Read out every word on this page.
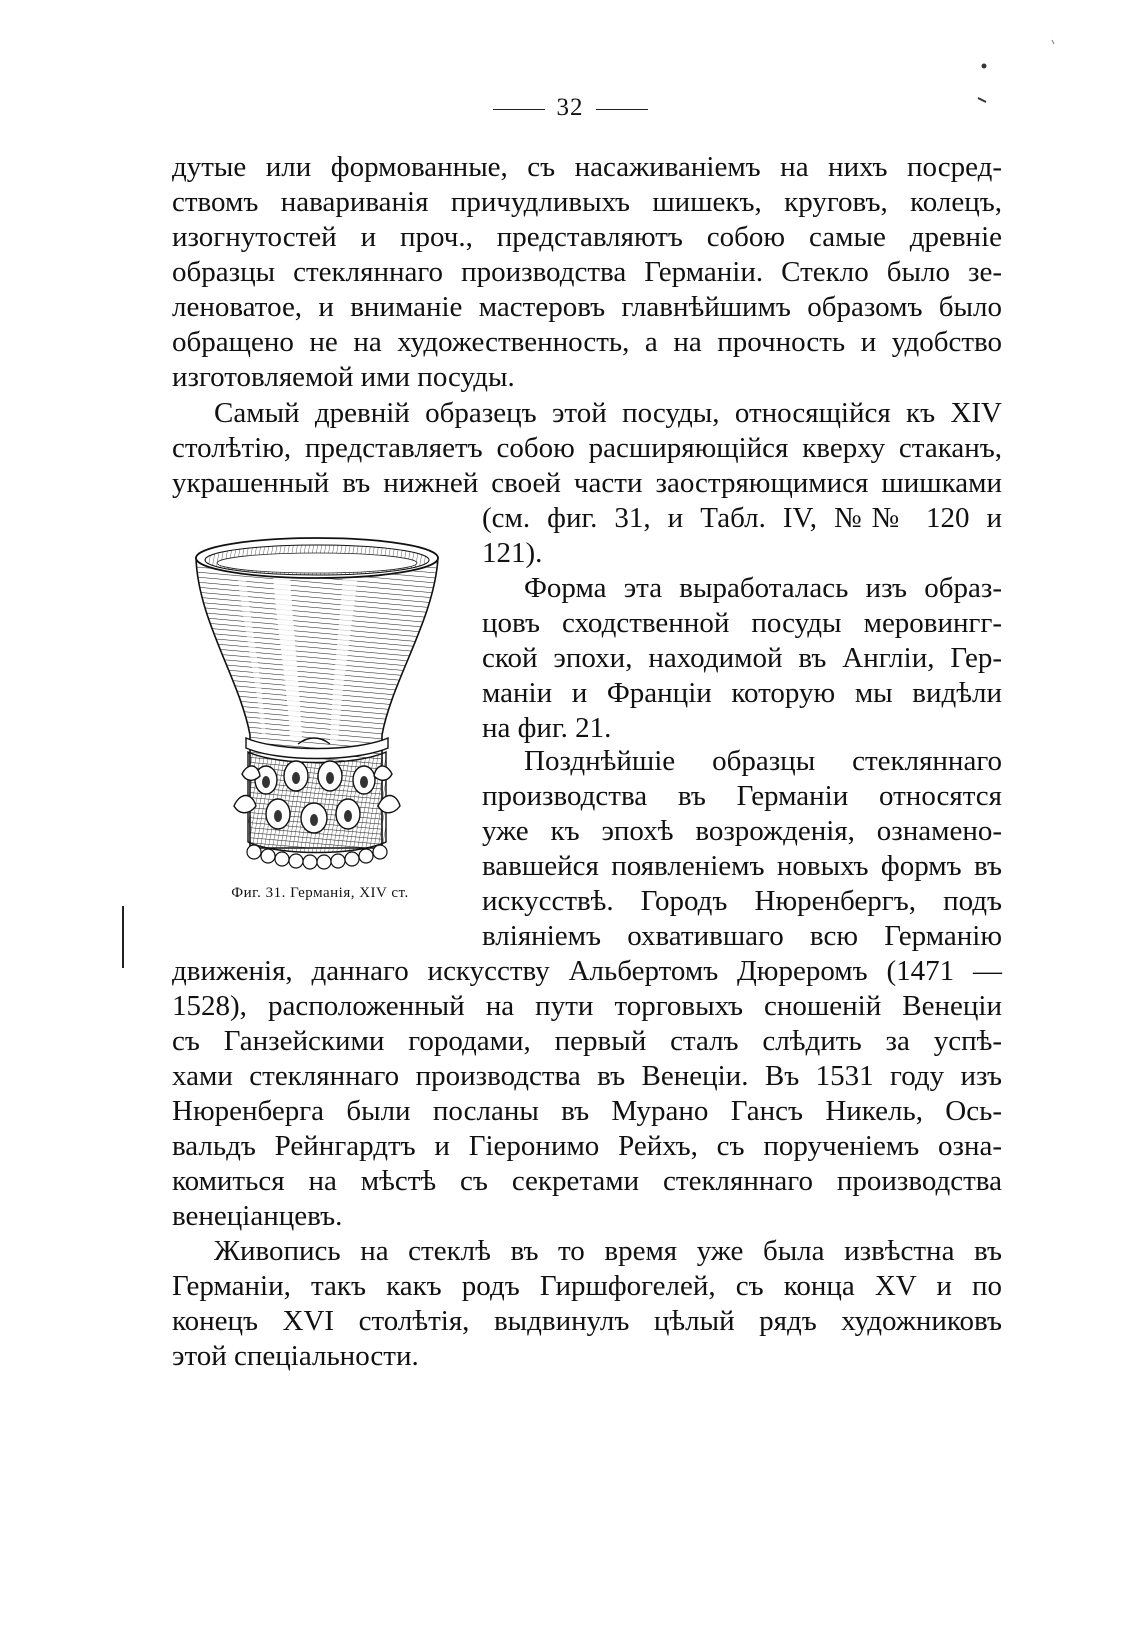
32
дутые или формованные, съ насаживаніемъ на нихъ посред-
ствомъ навариванія причудливыхъ шишекъ, круговъ, колецъ,
изогнутостей и проч., представляютъ собою самые древніе
образцы стекляннаго производства Германіи. Стекло было зе-
леноватое, и вниманіе мастеровъ главнѣйшимъ образомъ было
обращено не на художественность, а на прочность и удобство
изготовляемой ими посуды.
Самый древній образецъ этой посуды, относящійся къ XIV
столѣтію, представляетъ собою расширяющійся кверху стаканъ,
украшенный въ нижней своей части заостряющимися шишками
(см. фиг. 31, и Табл. IV, №№ 120 и
121).
Форма эта выработалась изъ образ-
цовъ сходственной посуды меровингг-
ской эпохи, находимой въ Англіи, Гер-
маніи и Франціи которую мы видѣли
на фиг. 21.
Позднѣйшіе образцы стекляннаго
производства въ Германіи относятся
уже къ эпохѣ возрожденія, ознамено-
вавшейся появленіемъ новыхъ формъ въ
искусствѣ. Городъ Нюренбергъ, подъ
вліяніемъ охватившаго всю Германію
движенія, даннаго искусству Альбертомъ Дюреромъ (1471 —
1528), расположенный на пути торговыхъ сношеній Венеціи
съ Ганзейскими городами, первый сталъ слѣдить за успѣ-
хами стекляннаго производства въ Венеціи. Въ 1531 году изъ
Нюренберга были посланы въ Мурано Гансъ Никель, Ось-
вальдъ Рейнгардтъ и Гіеронимо Рейхъ, съ порученіемъ озна-
комиться на мѣстѣ съ секретами стекляннаго производства
венеціанцевъ.
Живопись на стеклѣ въ то время уже была извѣстна въ
Германіи, такъ какъ родъ Гиршфогелей, съ конца XV и по
конецъ XVI столѣтія, выдвинулъ цѣлый рядъ художниковъ
этой спеціальности.
Фиг. 31. Германія, XIV ст.
